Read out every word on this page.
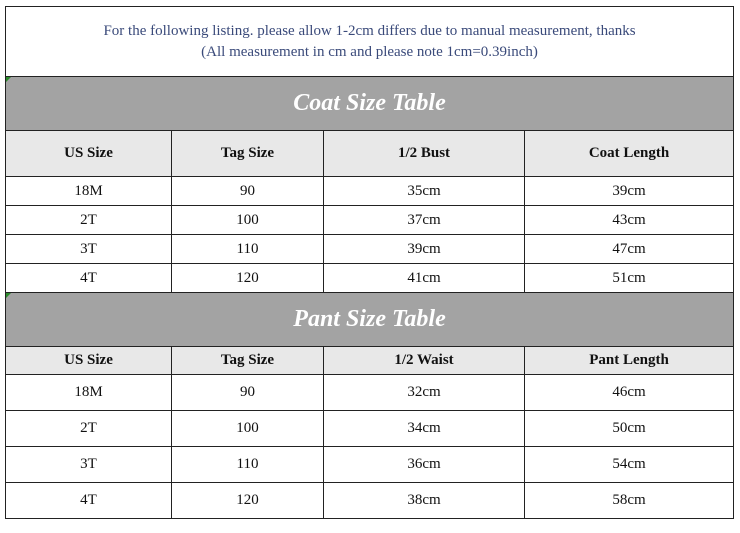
For the following listing. please allow 1-2cm differs due to manual measurement, thanks
(All measurement in cm and please note 1cm=0.39inch)			

Coat Size Table			
US Size	Tag Size	1/2 Bust	Coat Length
18M	90	35cm	39cm
2T	100	37cm	43cm
3T	110	39cm	47cm
4T	120	41cm	51cm

Pant Size Table			
US Size	Tag Size	1/2 Waist	Pant Length
18M	90	32cm	46cm
2T	100	34cm	50cm
3T	110	36cm	54cm
4T	120	38cm	58cm
